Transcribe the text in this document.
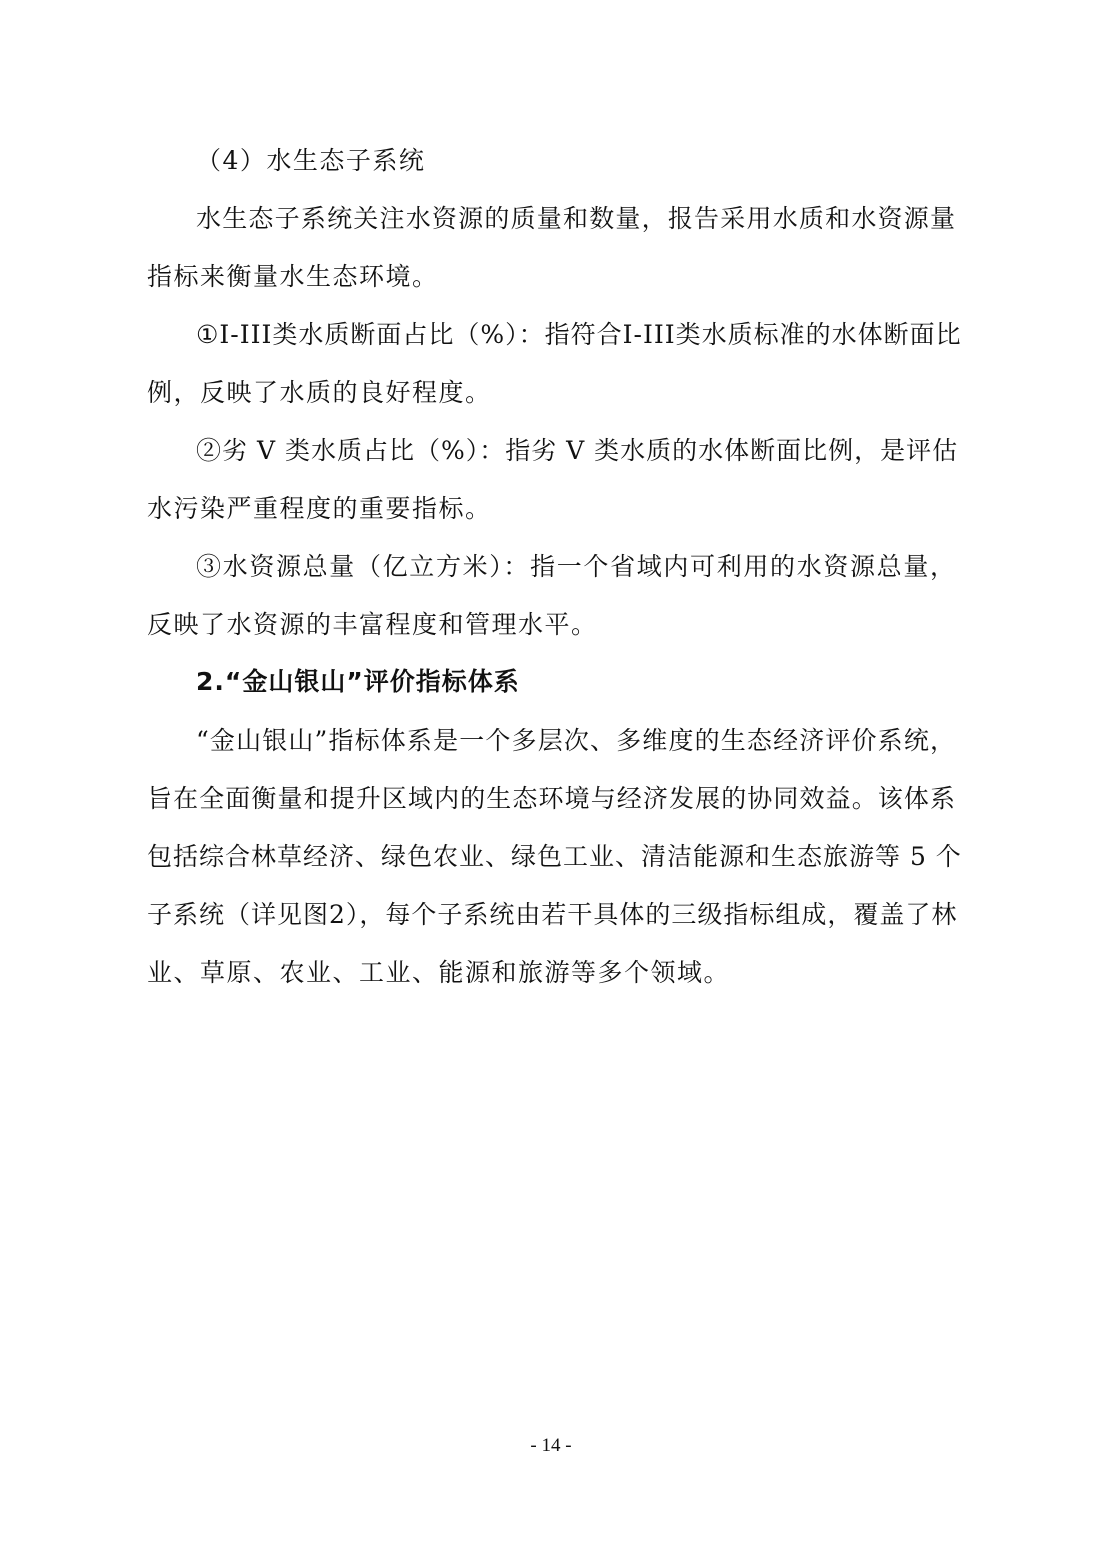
（4）水生态子系统
水生态子系统关注水资源的质量和数量，报告采用水质和水资源量
指标来衡量水生态环境。
①I-III类水质断面占比（%）：指符合I-III类水质标准的水体断面比
例，反映了水质的良好程度。
②劣 V 类水质占比（%）：指劣 V 类水质的水体断面比例，是评估
水污染严重程度的重要指标。
③水资源总量（亿立方米）：指一个省域内可利用的水资源总量，
反映了水资源的丰富程度和管理水平。
2.“金山银山”评价指标体系
“金山银山”指标体系是一个多层次、多维度的生态经济评价系统，
旨在全面衡量和提升区域内的生态环境与经济发展的协同效益。该体系
包括综合林草经济、绿色农业、绿色工业、清洁能源和生态旅游等 5 个
子系统（详见图2），每个子系统由若干具体的三级指标组成，覆盖了林
业、草原、农业、工业、能源和旅游等多个领域。
- 14 -
